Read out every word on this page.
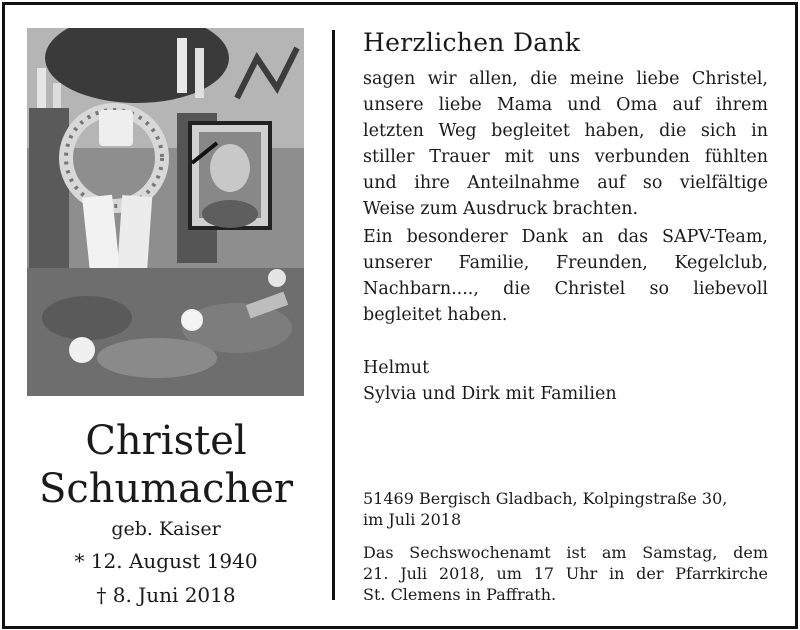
Christel
Schumacher
geb. Kaiser
* 12. August 1940
† 8. Juni 2018
Herzlichen Dank
sagen wir allen, die meine liebe Christel,
unsere liebe Mama und Oma auf ihrem
letzten Weg begleitet haben, die sich in
stiller Trauer mit uns verbunden fühlten
und ihre Anteilnahme auf so vielfältige
Weise zum Ausdruck brachten.
Ein besonderer Dank an das SAPV-Team,
unserer Familie, Freunden, Kegelclub,
Nachbarn...., die Christel so liebevoll
begleitet haben.
Helmut
Sylvia und Dirk mit Familien
51469 Bergisch Gladbach, Kolpingstraße 30,
im Juli 2018
Das Sechswochenamt ist am Samstag, dem
21. Juli 2018, um 17 Uhr in der Pfarrkirche
St. Clemens in Paffrath.
